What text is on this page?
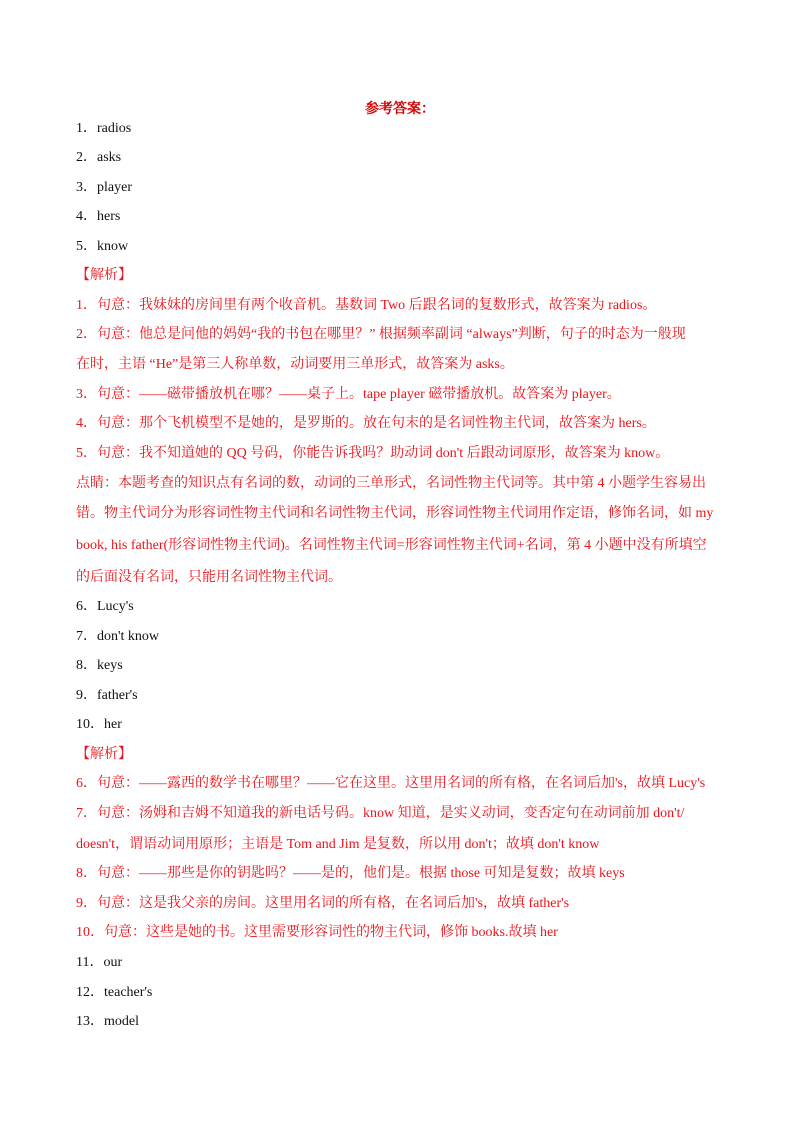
参考答案：
1．radios
2．asks
3．player
4．hers
5．know
【解析】
1．句意：我妹妹的房间里有两个收音机。基数词 Two 后跟名词的复数形式，故答案为 radios。
2．句意：他总是问他的妈妈“我的书包在哪里？” 根据频率副词 “always”判断，句子的时态为一般现
在时，主语 “He”是第三人称单数，动词要用三单形式，故答案为 asks。
3．句意：——磁带播放机在哪？——桌子上。tape player 磁带播放机。故答案为 player。
4．句意：那个飞机模型不是她的，是罗斯的。放在句末的是名词性物主代词，故答案为 hers。
5．句意：我不知道她的 QQ 号码，你能告诉我吗？助动词 don't 后跟动词原形，故答案为 know。
点睛：本题考查的知识点有名词的数，动词的三单形式，名词性物主代词等。其中第 4 小题学生容易出
错。物主代词分为形容词性物主代词和名词性物主代词，形容词性物主代词用作定语，修饰名词，如 my
book, his father(形容词性物主代词)。名词性物主代词=形容词性物主代词+名词，第 4 小题中没有所填空
的后面没有名词，只能用名词性物主代词。
6．Lucy's
7．don't know
8．keys
9．father's
10．her
【解析】
6．句意：——露西的数学书在哪里？——它在这里。这里用名词的所有格，在名词后加's，故填 Lucy's
7．句意：汤姆和吉姆不知道我的新电话号码。know 知道，是实义动词，变否定句在动词前加 don't/
doesn't，谓语动词用原形；主语是 Tom and Jim 是复数，所以用 don't；故填 don't know
8．句意：——那些是你的钥匙吗？——是的，他们是。根据 those 可知是复数；故填 keys
9．句意：这是我父亲的房间。这里用名词的所有格，在名词后加's，故填 father's
10．句意：这些是她的书。这里需要形容词性的物主代词，修饰 books.故填 her
11．our
12．teacher's
13．model
